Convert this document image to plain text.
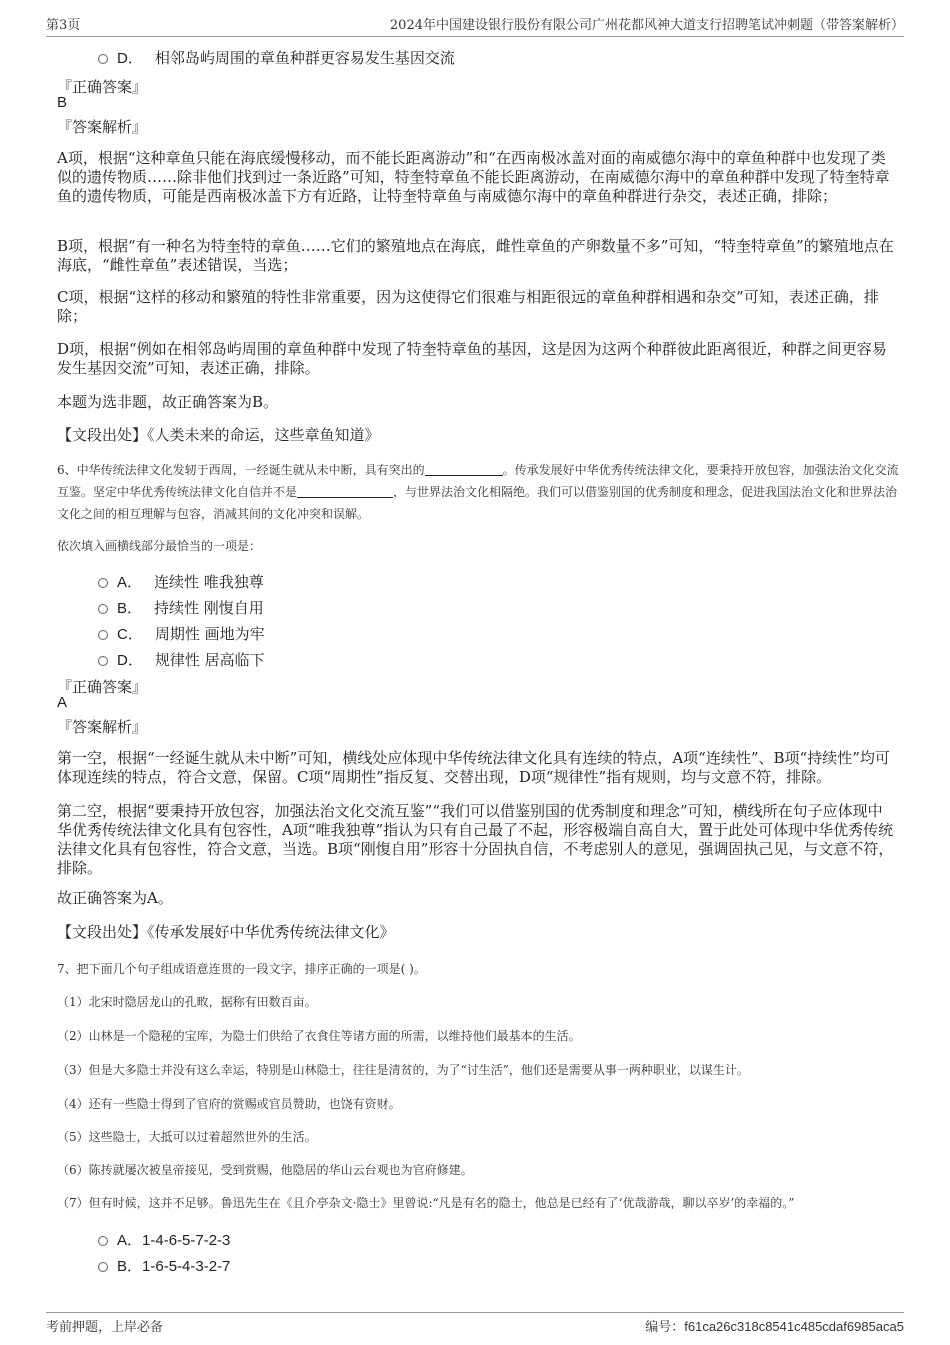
第3页	2024年中国建设银行股份有限公司广州花都风神大道支行招聘笔试冲刺题（带答案解析）
D． 相邻岛屿周围的章鱼种群更容易发生基因交流
『正确答案』
B
『答案解析』
A项，根据“这种章鱼只能在海底缓慢移动，而不能长距离游动”和“在西南极冰盖对面的南威德尔海中的章鱼种群中也发现了类似的遗传物质……除非他们找到过一条近路”可知，特奎特章鱼不能长距离游动，在南威德尔海中的章鱼种群中发现了特奎特章鱼的遗传物质，可能是西南极冰盖下方有近路，让特奎特章鱼与南威德尔海中的章鱼种群进行杂交，表述正确，排除；
B项，根据“有一种名为特奎特的章鱼……它们的繁殖地点在海底，雌性章鱼的产卵数量不多”可知，“特奎特章鱼”的繁殖地点在海底，“雌性章鱼”表述错误，当选；
C项，根据“这样的移动和繁殖的特性非常重要，因为这使得它们很难与相距很远的章鱼种群相遇和杂交”可知，表述正确，排除；
D项，根据“例如在相邻岛屿周围的章鱼种群中发现了特奎特章鱼的基因，这是因为这两个种群彼此距离很近，种群之间更容易发生基因交流”可知，表述正确，排除。
本题为选非题，故正确答案为B。
【文段出处】《人类未来的命运，这些章鱼知道》
6、中华传统法律文化发轫于西周，一经诞生就从未中断，具有突出的	。传承发展好中华优秀传统法律文化，要秉持开放包容，加强法治文化交流互鉴。坚定中华优秀传统法律文化自信并不是	，与世界法治文化相隔绝。我们可以借鉴别国的优秀制度和理念，促进我国法治文化和世界法治文化之间的相互理解与包容，消减其间的文化冲突和误解。
依次填入画横线部分最恰当的一项是：
A． 连续性 唯我独尊
B． 持续性 刚愎自用
C． 周期性 画地为牢
D． 规律性 居高临下
『正确答案』
A
『答案解析』
第一空，根据“一经诞生就从未中断”可知，横线处应体现中华传统法律文化具有连续的特点，A项“连续性”、B项“持续性”均可体现连续的特点，符合文意，保留。C项“周期性”指反复、交替出现，D项“规律性”指有规则，均与文意不符，排除。
第二空，根据“要秉持开放包容，加强法治文化交流互鉴”“我们可以借鉴别国的优秀制度和理念”可知，横线所在句子应体现中华优秀传统法律文化具有包容性，A项“唯我独尊”指认为只有自己最了不起，形容极端自高自大，置于此处可体现中华优秀传统法律文化具有包容性，符合文意，当选。B项“刚愎自用”形容十分固执自信，不考虑别人的意见，强调固执己见，与文意不符，排除。
故正确答案为A。
【文段出处】《传承发展好中华优秀传统法律文化》
7、把下面几个句子组成语意连贯的一段文字，排序正确的一项是( )。
（1）北宋时隐居龙山的孔畋，据称有田数百亩。
（2）山林是一个隐秘的宝库，为隐士们供给了衣食住等诸方面的所需，以维持他们最基本的生活。
（3）但是大多隐士并没有这么幸运，特别是山林隐士，往往是清贫的，为了“讨生活”，他们还是需要从事一两种职业，以谋生计。
（4）还有一些隐士得到了官府的赏赐或官员赞助，也饶有资财。
（5）这些隐士，大抵可以过着超然世外的生活。
（6）陈抟就屡次被皇帝接见，受到赏赐，他隐居的华山云台观也为官府修建。
（7）但有时候，这并不足够。鲁迅先生在《且介亭杂文·隐士》里曾说:“凡是有名的隐士，他总是已经有了‘优哉游哉，聊以卒岁’的幸福的。”
A．1-4-6-5-7-2-3
B．1-6-5-4-3-2-7
考前押题，上岸必备	编号：f61ca26c318c8541c485cdaf6985aca5
